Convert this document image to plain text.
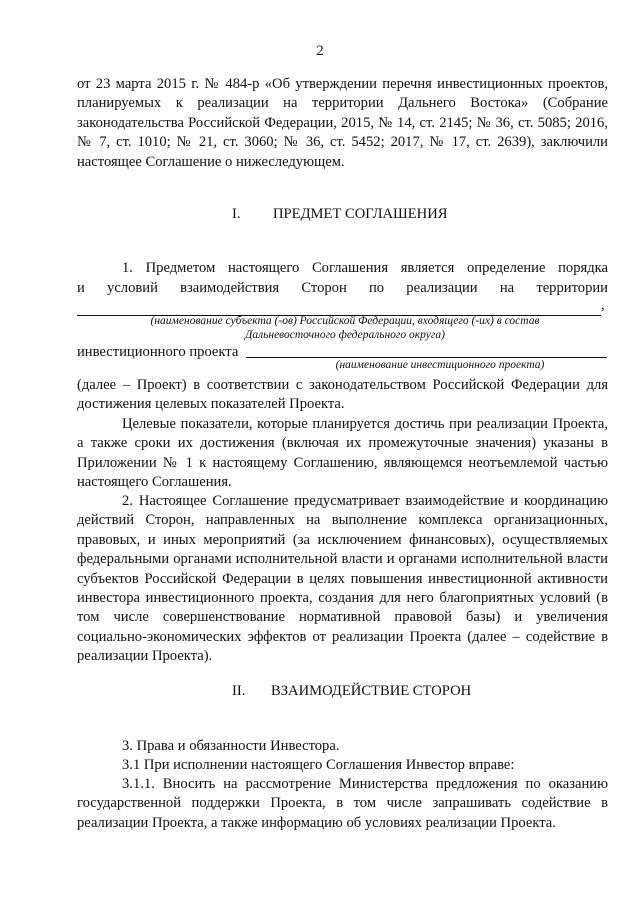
2
от 23 марта 2015 г. № 484-р «Об утверждении перечня инвестиционных проектов, планируемых к реализации на территории Дальнего Востока» (Собрание законодательства Российской Федерации, 2015, № 14, ст. 2145; № 36, ст. 5085; 2016, № 7, ст. 1010; № 21, ст. 3060; № 36, ст. 5452; 2017, № 17, ст. 2639), заключили настоящее Соглашение о нижеследующем.
I. ПРЕДМЕТ СОГЛАШЕНИЯ
1. Предметом настоящего Соглашения является определение порядка
и условий взаимодействия Сторон по реализации на территории
,
(наименование субъекта (-ов) Российской Федерации, входящего (-их) в состав Дальневосточного федерального округа)
инвестиционного проекта
(наименование инвестиционного проекта)
(далее – Проект) в соответствии с законодательством Российской Федерации для достижения целевых показателей Проекта.
Целевые показатели, которые планируется достичь при реализации Проекта, а также сроки их достижения (включая их промежуточные значения) указаны в Приложении № 1 к настоящему Соглашению, являющемся неотъемлемой частью настоящего Соглашения.
2. Настоящее Соглашение предусматривает взаимодействие и координацию действий Сторон, направленных на выполнение комплекса организационных, правовых, и иных мероприятий (за исключением финансовых), осуществляемых федеральными органами исполнительной власти и органами исполнительной власти субъектов Российской Федерации в целях повышения инвестиционной активности инвестора инвестиционного проекта, создания для него благоприятных условий (в том числе совершенствование нормативной правовой базы) и увеличения социально-экономических эффектов от реализации Проекта (далее – содействие в реализации Проекта).
II. ВЗАИМОДЕЙСТВИЕ СТОРОН
3. Права и обязанности Инвестора.
3.1 При исполнении настоящего Соглашения Инвестор вправе:
3.1.1. Вносить на рассмотрение Министерства предложения по оказанию государственной поддержки Проекта, в том числе запрашивать содействие в реализации Проекта, а также информацию об условиях реализации Проекта.
